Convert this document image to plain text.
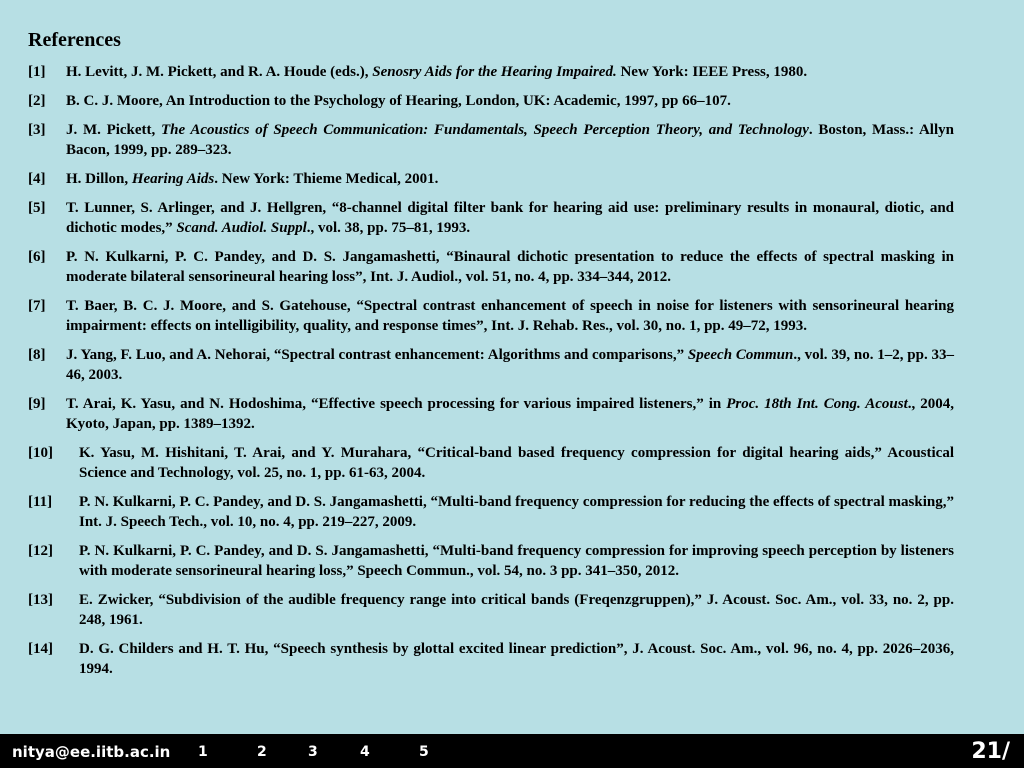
References
[1]	H. Levitt, J. M. Pickett, and R. A. Houde (eds.), Senosry Aids for the Hearing Impaired. New York: IEEE Press, 1980.
[2]	B. C. J. Moore, An Introduction to the Psychology of Hearing, London, UK: Academic, 1997, pp 66–107.
[3]	J. M. Pickett, The Acoustics of Speech Communication: Fundamentals, Speech Perception Theory, and Technology. Boston, Mass.: Allyn Bacon, 1999, pp. 289–323.
[4]	H. Dillon, Hearing Aids. New York: Thieme Medical, 2001.
[5]	T. Lunner, S. Arlinger, and J. Hellgren, “8-channel digital filter bank for hearing aid use: preliminary results in monaural, diotic, and dichotic modes,” Scand. Audiol. Suppl., vol. 38, pp. 75–81, 1993.
[6]	P. N. Kulkarni, P. C. Pandey, and D. S. Jangamashetti, “Binaural dichotic presentation to reduce the effects of spectral masking in moderate bilateral sensorineural hearing loss”, Int. J. Audiol., vol. 51, no. 4, pp. 334–344, 2012.
[7]	T. Baer, B. C. J. Moore, and S. Gatehouse, “Spectral contrast enhancement of speech in noise for listeners with sensorineural hearing impairment: effects on intelligibility, quality, and response times”, Int. J. Rehab. Res., vol. 30, no. 1, pp. 49–72, 1993.
[8]	J. Yang, F. Luo, and A. Nehorai, “Spectral contrast enhancement: Algorithms and comparisons,” Speech Commun., vol. 39, no. 1–2, pp. 33–46, 2003.
[9]	T. Arai, K. Yasu, and N. Hodoshima, “Effective speech processing for various impaired listeners,” in Proc. 18th Int. Cong. Acoust., 2004, Kyoto, Japan, pp. 1389–1392.
[10]	K. Yasu, M. Hishitani, T. Arai, and Y. Murahara, “Critical-band based frequency compression for digital hearing aids,” Acoustical Science and Technology, vol. 25, no. 1, pp. 61-63, 2004.
[11]	P. N. Kulkarni, P. C. Pandey, and D. S. Jangamashetti, “Multi-band frequency compression for reducing the effects of spectral masking,” Int. J. Speech Tech., vol. 10, no. 4, pp. 219–227, 2009.
[12]	P. N. Kulkarni, P. C. Pandey, and D. S. Jangamashetti, “Multi-band frequency compression for improving speech perception by listeners with moderate sensorineural hearing loss,” Speech Commun., vol. 54, no. 3 pp. 341–350, 2012.
[13]	E. Zwicker, “Subdivision of the audible frequency range into critical bands (Freqenzgruppen),” J. Acoust. Soc. Am., vol. 33, no. 2, pp. 248, 1961.
[14]	D. G. Childers and H. T. Hu, “Speech synthesis by glottal excited linear prediction”, J. Acoust. Soc. Am., vol. 96, no. 4, pp. 2026–2036, 1994.
nitya@ee.iitb.ac.in 1	2	3	4	5	21/
